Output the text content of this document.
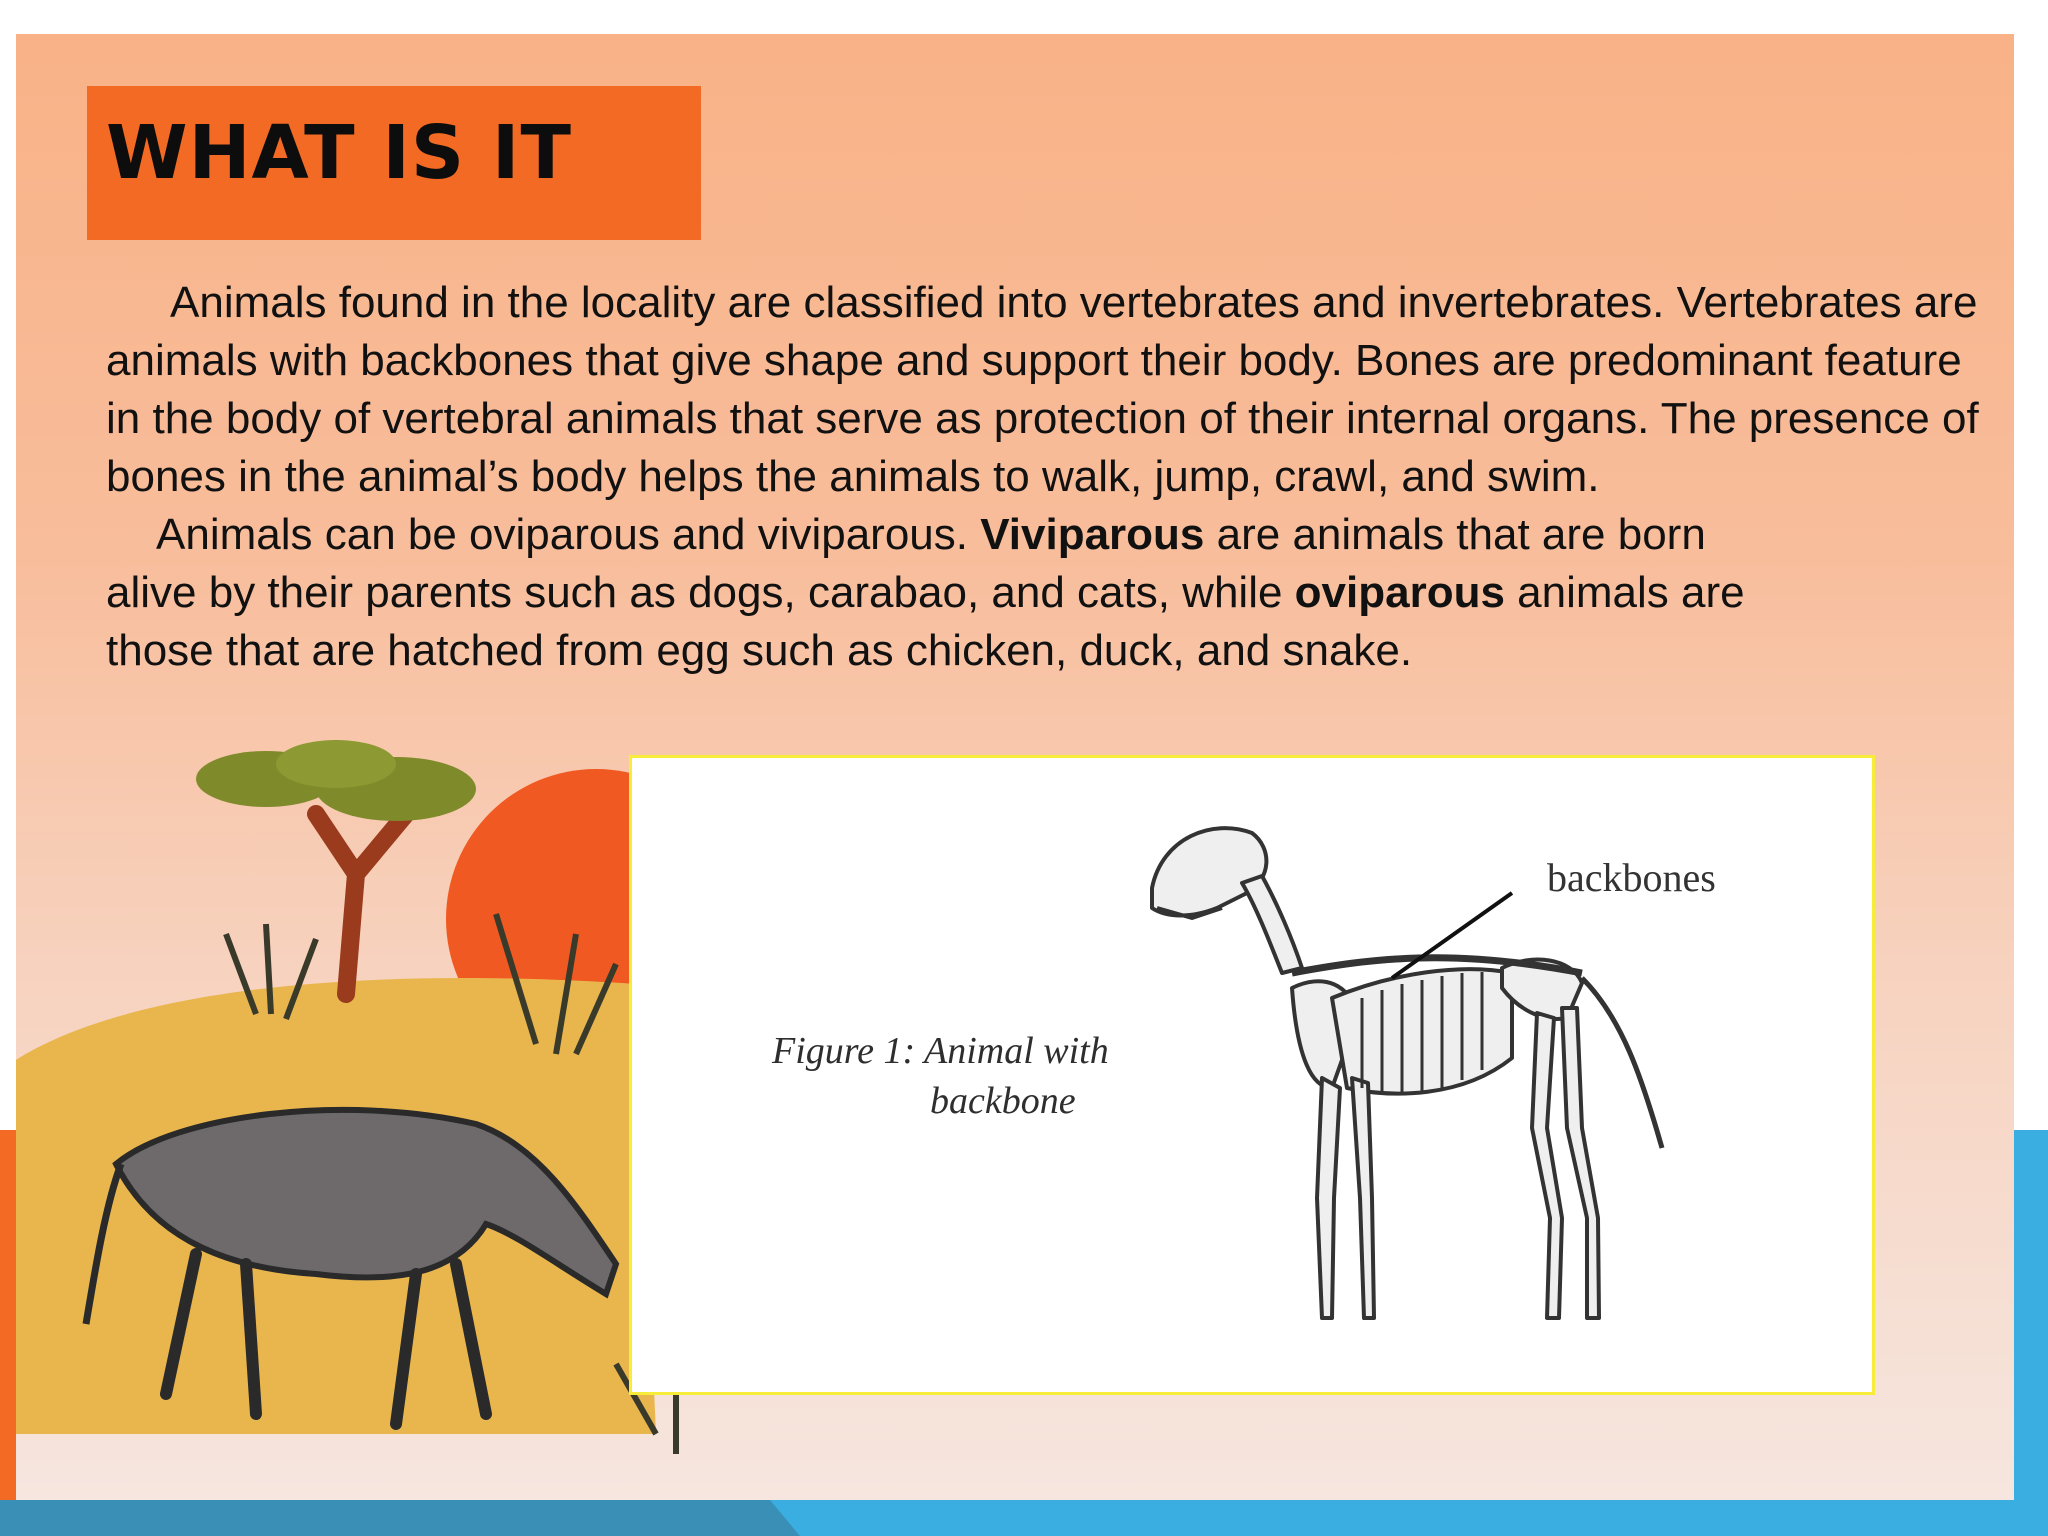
WHAT IS IT

Animals found in the locality are classified into vertebrates and invertebrates. Vertebrates are animals with backbones that give shape and support their body. Bones are predominant feature in the body of vertebral animals that serve as protection of their internal organs. The presence of bones in the animal’s body helps the animals to walk, jump, crawl, and swim.

Animals can be oviparous and viviparous. Viviparous are animals that are born alive by their parents such as dogs, carabao, and cats, while oviparous animals are those that are hatched from egg such as chicken, duck, and snake.

Figure 1: Animal with
backbone
backbones
